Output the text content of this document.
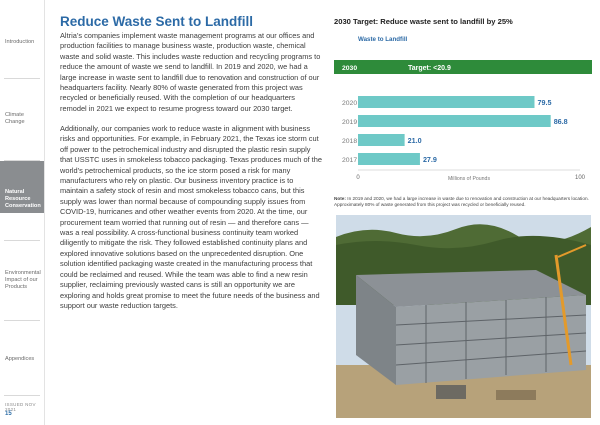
Introduction
Climate Change
Natural Resource Conservation
Environmental Impact of our Products
Appendices
ISSUED NOV 2021
15
Reduce Waste Sent to Landfill

Altria’s companies implement waste management programs at our offices and production facilities to manage business waste, production waste, chemical waste and solid waste. This includes waste reduction and recycling programs to reduce the amount of waste we send to landfill. In 2019 and 2020, we had a large increase in waste sent to landfill due to renovation and construction of our headquarters facility. Nearly 80% of waste generated from this project was recycled or beneficially reused. With the completion of our headquarters remodel in 2021 we expect to resume progress toward our 2030 target.

Additionally, our companies work to reduce waste in alignment with business risks and opportunities. For example, in February 2021, the Texas ice storm cut off power to the petrochemical industry and disrupted the plastic resin supply that USSTC uses in smokeless tobacco packaging. Texas produces much of the world’s petrochemical products, so the ice storm posed a risk for many manufacturers who rely on plastic. Our business inventory practice is to maintain a safety stock of resin and most smokeless tobacco cans, but this supply was lower than normal because of compounding supply issues from COVID-19, hurricanes and other weather events from 2020. At the time, our procurement team worried that running out of resin — and therefore cans — was a real possibility. A cross-functional business continuity team worked diligently to mitigate the risk. They followed established continuity plans and explored innovative solutions based on the unprecedented disruption. One solution identified packaging waste created in the manufacturing process that could be reclaimed and reused. While the team was able to find a new resin supplier, reclaiming previously wasted cans is still an opportunity we are exploring and holds great promise to meet the future needs of the business and support our waste reduction targets.

2030 Target: Reduce waste sent to landfill by 25%
Waste to Landfill
2030	Target: <20.9
2020	79.5
2019	86.8
2018	21.0
2017	27.9
0	100
Millions of Pounds

Note: In 2019 and 2020, we had a large increase in waste due to renovation and construction at our headquarters location. Approximately 80% of waste generated from this project was recycled or beneficially reused.
